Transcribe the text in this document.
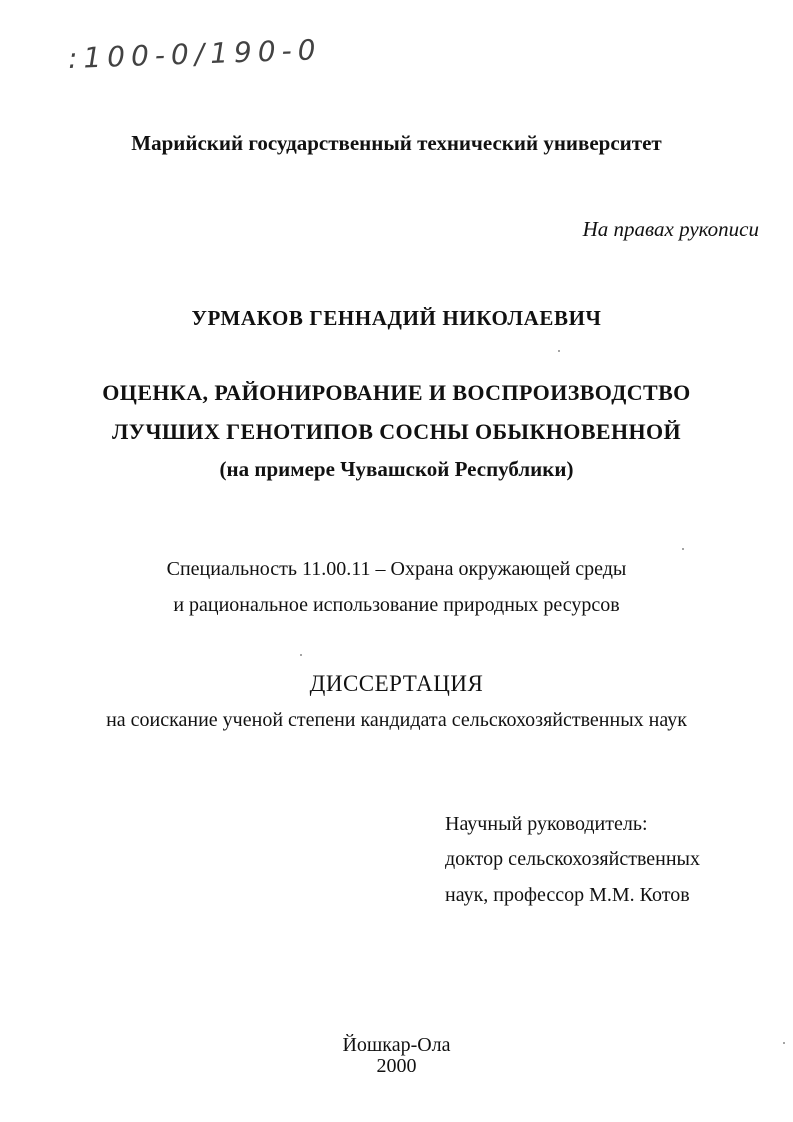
:100-0/190-0
Марийский государственный технический университет
На правах рукописи
УРМАКОВ ГЕННАДИЙ НИКОЛАЕВИЧ
ОЦЕНКА, РАЙОНИРОВАНИЕ И ВОСПРОИЗВОДСТВО
ЛУЧШИХ ГЕНОТИПОВ СОСНЫ ОБЫКНОВЕННОЙ
(на примере Чувашской Республики)
Специальность 11.00.11 – Охрана окружающей среды
и рациональное использование природных ресурсов
ДИССЕРТАЦИЯ
на соискание ученой степени кандидата сельскохозяйственных наук
Научный руководитель:
доктор сельскохозяйственных
наук, профессор М.М. Котов
Йошкар-Ола
2000
